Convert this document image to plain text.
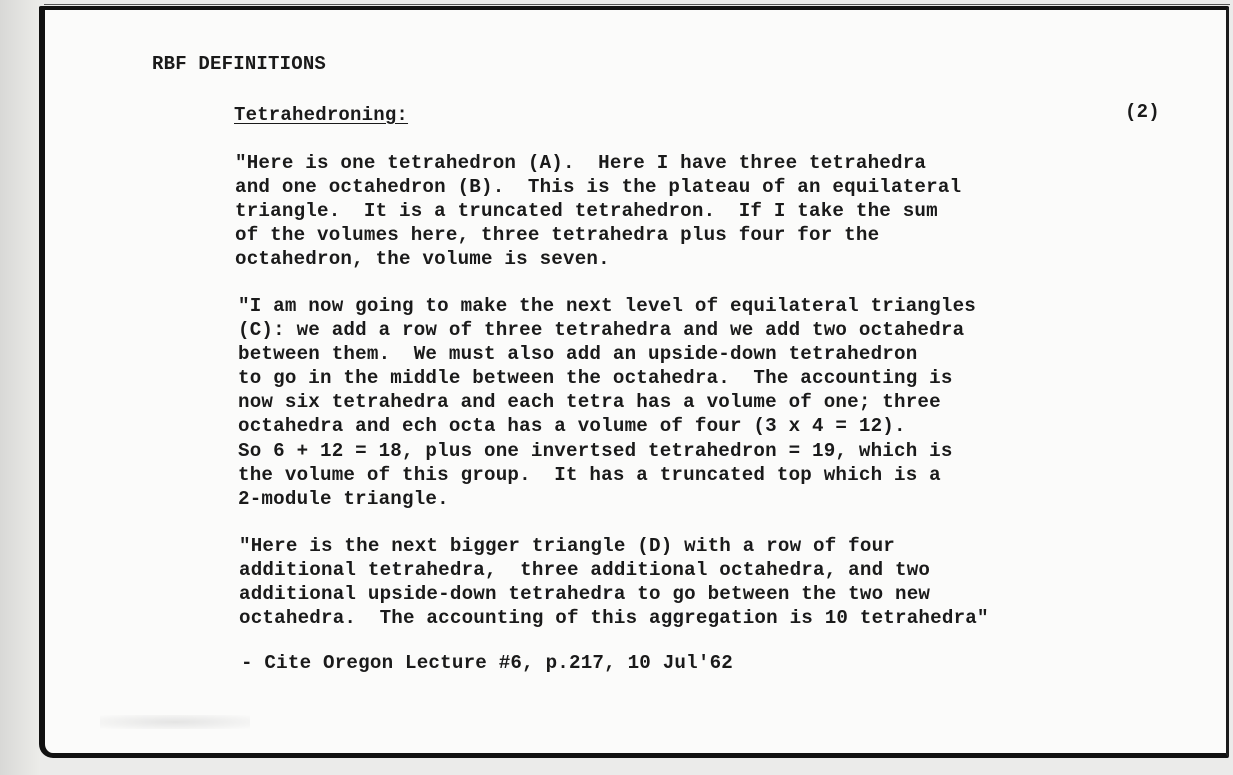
RBF DEFINITIONS
Tetrahedroning:	(2)
"Here is one tetrahedron (A).  Here I have three tetrahedra
and one octahedron (B).  This is the plateau of an equilateral
triangle.  It is a truncated tetrahedron.  If I take the sum
of the volumes here, three tetrahedra plus four for the
octahedron, the volume is seven.
"I am now going to make the next level of equilateral triangles
(C): we add a row of three tetrahedra and we add two octahedra
between them.  We must also add an upside-down tetrahedron
to go in the middle between the octahedra.  The accounting is
now six tetrahedra and each tetra has a volume of one; three
octahedra and ech octa has a volume of four (3 x 4 = 12).
So 6 + 12 = 18, plus one invertsed tetrahedron = 19, which is
the volume of this group.  It has a truncated top which is a
2-module triangle.
"Here is the next bigger triangle (D) with a row of four
additional tetrahedra,  three additional octahedra, and two
additional upside-down tetrahedra to go between the two new
octahedra.  The accounting of this aggregation is 10 tetrahedra"
- Cite Oregon Lecture #6, p.217, 10 Jul'62
